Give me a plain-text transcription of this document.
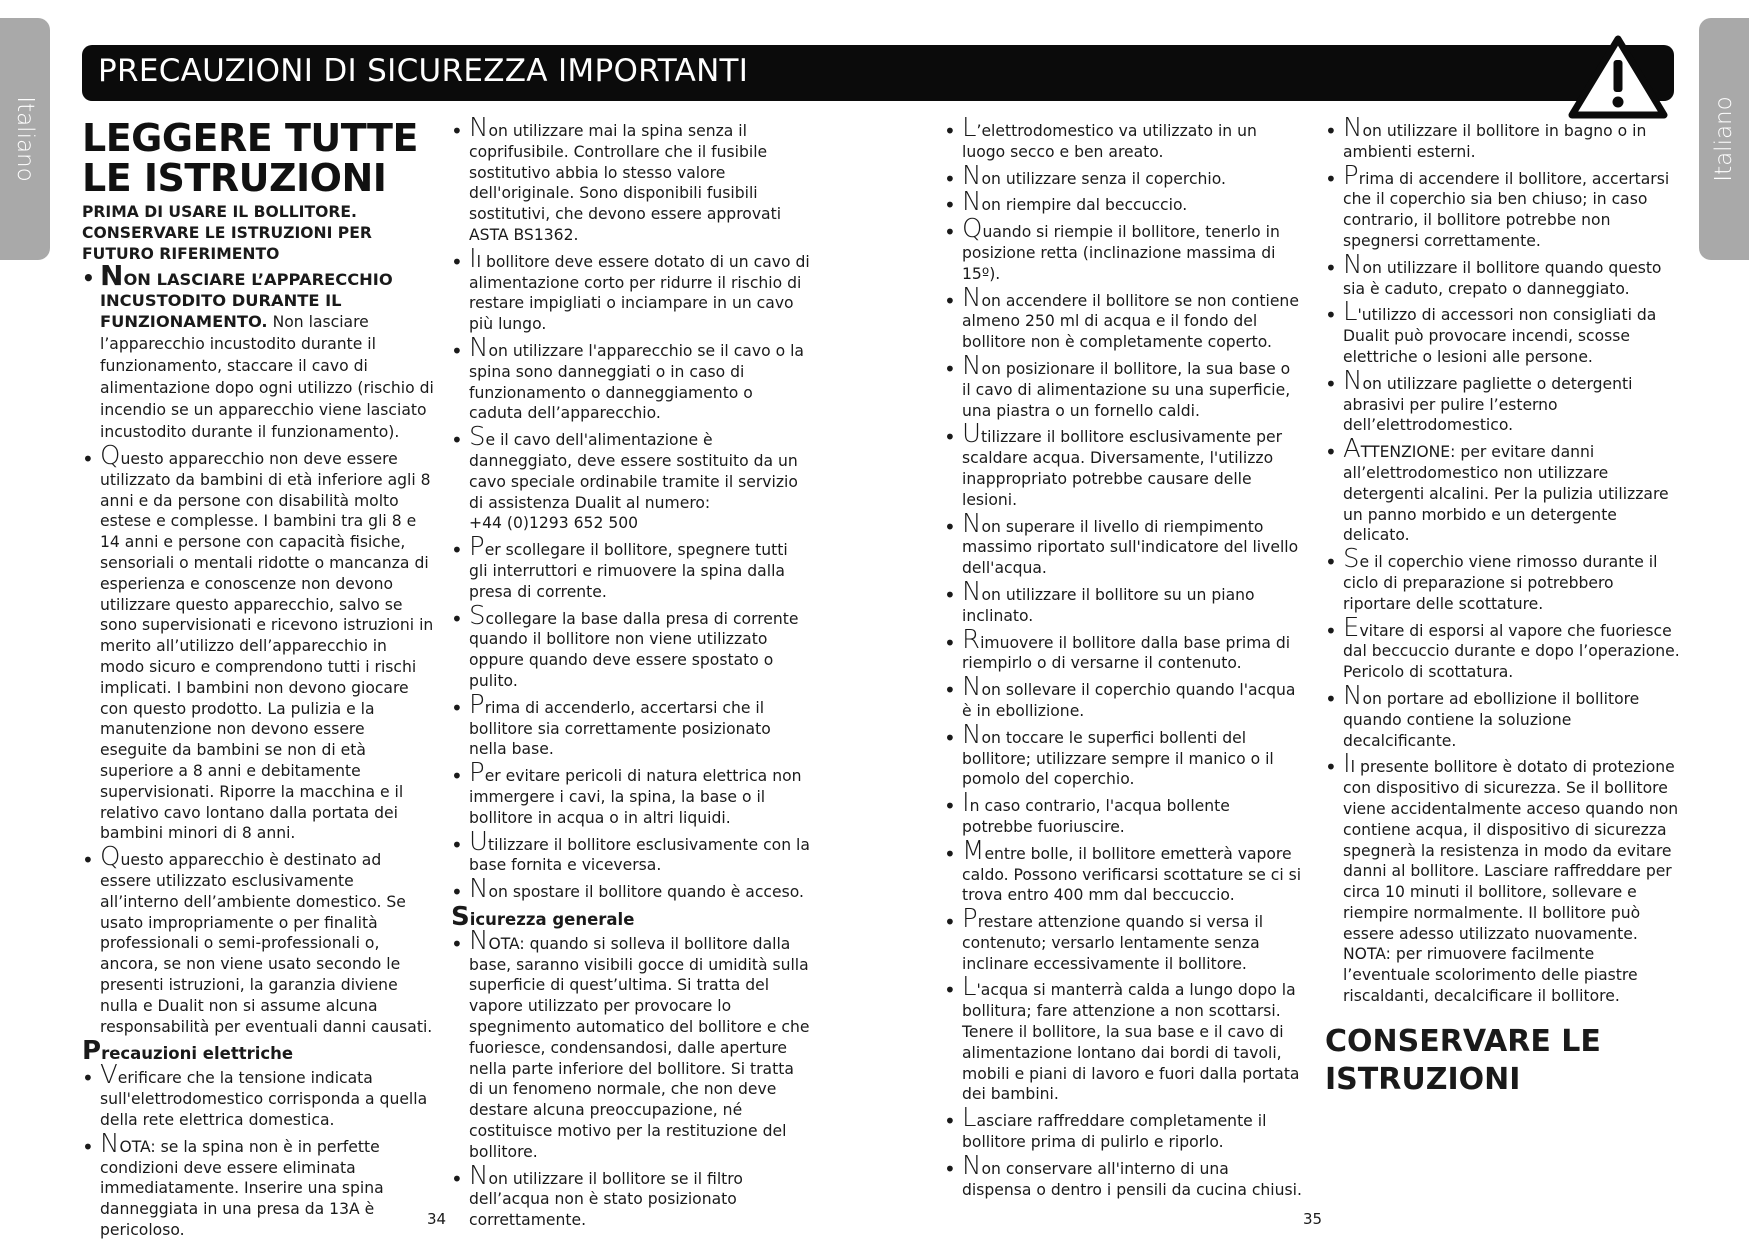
Italiano	Italiano
PRECAUZIONI DI SICUREZZA IMPORTANTI
LEGGERE TUTTE
LE ISTRUZIONI
PRIMA DI USARE IL BOLLITORE. CONSERVARE LE ISTRUZIONI PER FUTURO RIFERIMENTO
• NON LASCIARE L’APPARECCHIO INCUSTODITO DURANTE IL FUNZIONAMENTO. Non lasciare l’apparecchio incustodito durante il funzionamento, staccare il cavo di alimentazione dopo ogni utilizzo (rischio di incendio se un apparecchio viene lasciato incustodito durante il funzionamento).
• Questo apparecchio non deve essere utilizzato da bambini di età inferiore agli 8 anni e da persone con disabilità molto estese e complesse. I bambini tra gli 8 e 14 anni e persone con capacità fisiche, sensoriali o mentali ridotte o mancanza di esperienza e conoscenze non devono utilizzare questo apparecchio, salvo se sono supervisionati e ricevono istruzioni in merito all’utilizzo dell’apparecchio in modo sicuro e comprendono tutti i rischi implicati. I bambini non devono giocare con questo prodotto. La pulizia e la manutenzione non devono essere eseguite da bambini se non di età superiore a 8 anni e debitamente supervisionati. Riporre la macchina e il relativo cavo lontano dalla portata dei bambini minori di 8 anni.
• Questo apparecchio è destinato ad essere utilizzato esclusivamente all’interno dell’ambiente domestico. Se usato impropriamente o per finalità professionali o semi-professionali o, ancora, se non viene usato secondo le presenti istruzioni, la garanzia diviene nulla e Dualit non si assume alcuna responsabilità per eventuali danni causati.
Precauzioni elettriche
• Verificare che la tensione indicata sull'elettrodomestico corrisponda a quella della rete elettrica domestica.
• NOTA: se la spina non è in perfette condizioni deve essere eliminata immediatamente. Inserire una spina danneggiata in una presa da 13A è pericoloso.
• Non utilizzare mai la spina senza il coprifusibile. Controllare che il fusibile sostitutivo abbia lo stesso valore dell'originale. Sono disponibili fusibili sostitutivi, che devono essere approvati ASTA BS1362.
• Il bollitore deve essere dotato di un cavo di alimentazione corto per ridurre il rischio di restare impigliati o inciampare in un cavo più lungo.
• Non utilizzare l'apparecchio se il cavo o la spina sono danneggiati o in caso di funzionamento o danneggiamento o caduta dell’apparecchio.
• Se il cavo dell'alimentazione è danneggiato, deve essere sostituito da un cavo speciale ordinabile tramite il servizio di assistenza Dualit al numero:
+44 (0)1293 652 500
• Per scollegare il bollitore, spegnere tutti gli interruttori e rimuovere la spina dalla presa di corrente.
• Scollegare la base dalla presa di corrente quando il bollitore non viene utilizzato oppure quando deve essere spostato o pulito.
• Prima di accenderlo, accertarsi che il bollitore sia correttamente posizionato nella base.
• Per evitare pericoli di natura elettrica non immergere i cavi, la spina, la base o il bollitore in acqua o in altri liquidi.
• Utilizzare il bollitore esclusivamente con la base fornita e viceversa.
• Non spostare il bollitore quando è acceso.
Sicurezza generale
• NOTA: quando si solleva il bollitore dalla base, saranno visibili gocce di umidità sulla superficie di quest’ultima. Si tratta del vapore utilizzato per provocare lo spegnimento automatico del bollitore e che fuoriesce, condensandosi, dalle aperture nella parte inferiore del bollitore. Si tratta di un fenomeno normale, che non deve destare alcuna preoccupazione, né costituisce motivo per la restituzione del bollitore.
• Non utilizzare il bollitore se il filtro dell’acqua non è stato posizionato correttamente.
• L’elettrodomestico va utilizzato in un luogo secco e ben areato.
• Non utilizzare senza il coperchio.
• Non riempire dal beccuccio.
• Quando si riempie il bollitore, tenerlo in posizione retta (inclinazione massima di 15º).
• Non accendere il bollitore se non contiene almeno 250 ml di acqua e il fondo del bollitore non è completamente coperto.
• Non posizionare il bollitore, la sua base o il cavo di alimentazione su una superficie, una piastra o un fornello caldi.
• Utilizzare il bollitore esclusivamente per scaldare acqua. Diversamente, l'utilizzo inappropriato potrebbe causare delle lesioni.
• Non superare il livello di riempimento massimo riportato sull'indicatore del livello dell'acqua.
• Non utilizzare il bollitore su un piano inclinato.
• Rimuovere il bollitore dalla base prima di riempirlo o di versarne il contenuto.
• Non sollevare il coperchio quando l'acqua è in ebollizione.
• Non toccare le superfici bollenti del bollitore; utilizzare sempre il manico o il pomolo del coperchio.
• In caso contrario, l'acqua bollente potrebbe fuoriuscire.
• Mentre bolle, il bollitore emetterà vapore caldo. Possono verificarsi scottature se ci si trova entro 400 mm dal beccuccio.
• Prestare attenzione quando si versa il contenuto; versarlo lentamente senza inclinare eccessivamente il bollitore.
• L'acqua si manterrà calda a lungo dopo la bollitura; fare attenzione a non scottarsi. Tenere il bollitore, la sua base e il cavo di alimentazione lontano dai bordi di tavoli, mobili e piani di lavoro e fuori dalla portata dei bambini.
• Lasciare raffreddare completamente il bollitore prima di pulirlo e riporlo.
• Non conservare all'interno di una dispensa o dentro i pensili da cucina chiusi.
• Non utilizzare il bollitore in bagno o in ambienti esterni.
• Prima di accendere il bollitore, accertarsi che il coperchio sia ben chiuso; in caso contrario, il bollitore potrebbe non spegnersi correttamente.
• Non utilizzare il bollitore quando questo sia è caduto, crepato o danneggiato.
• L'utilizzo di accessori non consigliati da Dualit può provocare incendi, scosse elettriche o lesioni alle persone.
• Non utilizzare pagliette o detergenti abrasivi per pulire l’esterno dell’elettrodomestico.
• ATTENZIONE: per evitare danni all’elettrodomestico non utilizzare detergenti alcalini. Per la pulizia utilizzare un panno morbido e un detergente delicato.
• Se il coperchio viene rimosso durante il ciclo di preparazione si potrebbero riportare delle scottature.
• Evitare di esporsi al vapore che fuoriesce dal beccuccio durante e dopo l’operazione. Pericolo di scottatura.
• Non portare ad ebollizione il bollitore quando contiene la soluzione decalcificante.
• Il presente bollitore è dotato di protezione con dispositivo di sicurezza. Se il bollitore viene accidentalmente acceso quando non contiene acqua, il dispositivo di sicurezza spegnerà la resistenza in modo da evitare danni al bollitore. Lasciare raffreddare per circa 10 minuti il bollitore, sollevare e riempire normalmente. Il bollitore può essere adesso utilizzato nuovamente.
NOTA: per rimuovere facilmente l’eventuale scolorimento delle piastre riscaldanti, decalcificare il bollitore.
CONSERVARE LE
ISTRUZIONI
34	35
